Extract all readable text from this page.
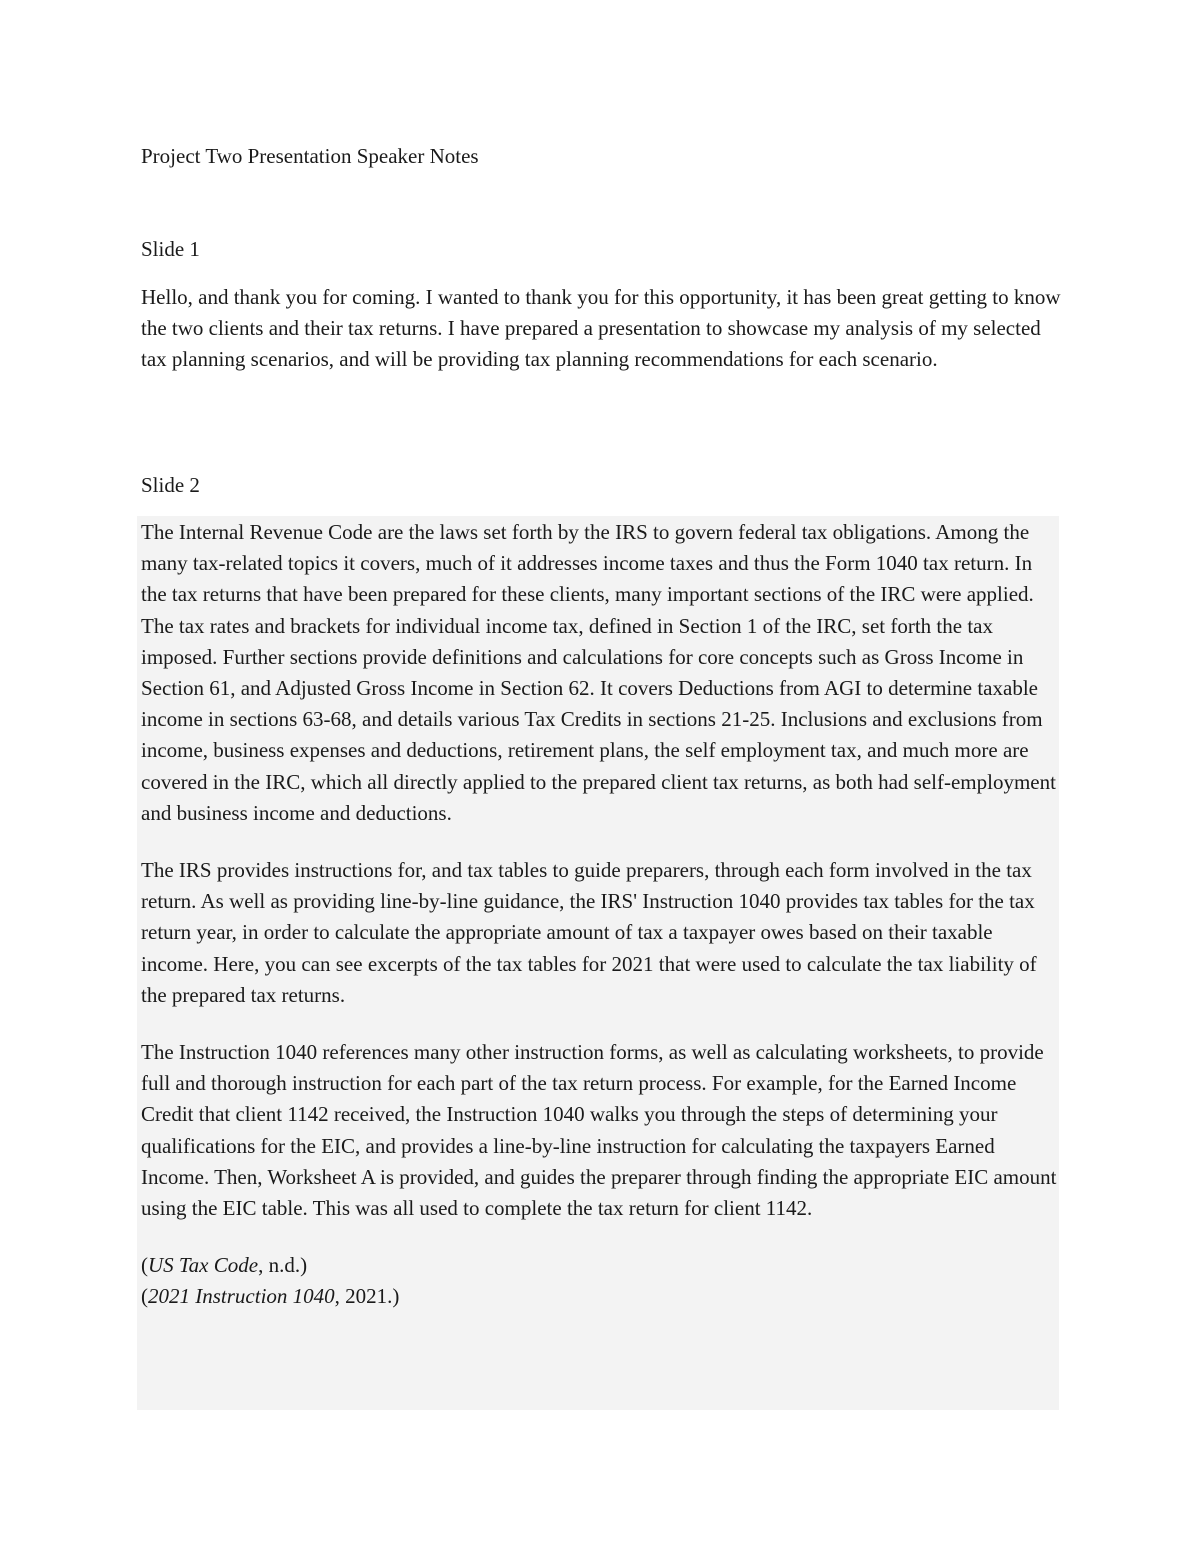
Project Two Presentation Speaker Notes

Slide 1

Hello, and thank you for coming. I wanted to thank you for this opportunity, it has been great getting to know the two clients and their tax returns. I have prepared a presentation to showcase my analysis of my selected tax planning scenarios, and will be providing tax planning recommendations for each scenario.

Slide 2

The Internal Revenue Code are the laws set forth by the IRS to govern federal tax obligations. Among the many tax-related topics it covers, much of it addresses income taxes and thus the Form 1040 tax return. In the tax returns that have been prepared for these clients, many important sections of the IRC were applied.

The tax rates and brackets for individual income tax, defined in Section 1 of the IRC, set forth the tax imposed. Further sections provide definitions and calculations for core concepts such as Gross Income in Section 61, and Adjusted Gross Income in Section 62. It covers Deductions from AGI to determine taxable income in sections 63-68, and details various Tax Credits in sections 21-25. Inclusions and exclusions from income, business expenses and deductions, retirement plans, the self employment tax, and much more are covered in the IRC, which all directly applied to the prepared client tax returns, as both had self-employment and business income and deductions.

The IRS provides instructions for, and tax tables to guide preparers, through each form involved in the tax return. As well as providing line-by-line guidance, the IRS' Instruction 1040 provides tax tables for the tax return year, in order to calculate the appropriate amount of tax a taxpayer owes based on their taxable income. Here, you can see excerpts of the tax tables for 2021 that were used to calculate the tax liability of the prepared tax returns.

The Instruction 1040 references many other instruction forms, as well as calculating worksheets, to provide full and thorough instruction for each part of the tax return process. For example, for the Earned Income Credit that client 1142 received, the Instruction 1040 walks you through the steps of determining your qualifications for the EIC, and provides a line-by-line instruction for calculating the taxpayers Earned Income. Then, Worksheet A is provided, and guides the preparer through finding the appropriate EIC amount using the EIC table. This was all used to complete the tax return for client 1142.

(US Tax Code, n.d.)

(2021 Instruction 1040, 2021.)
